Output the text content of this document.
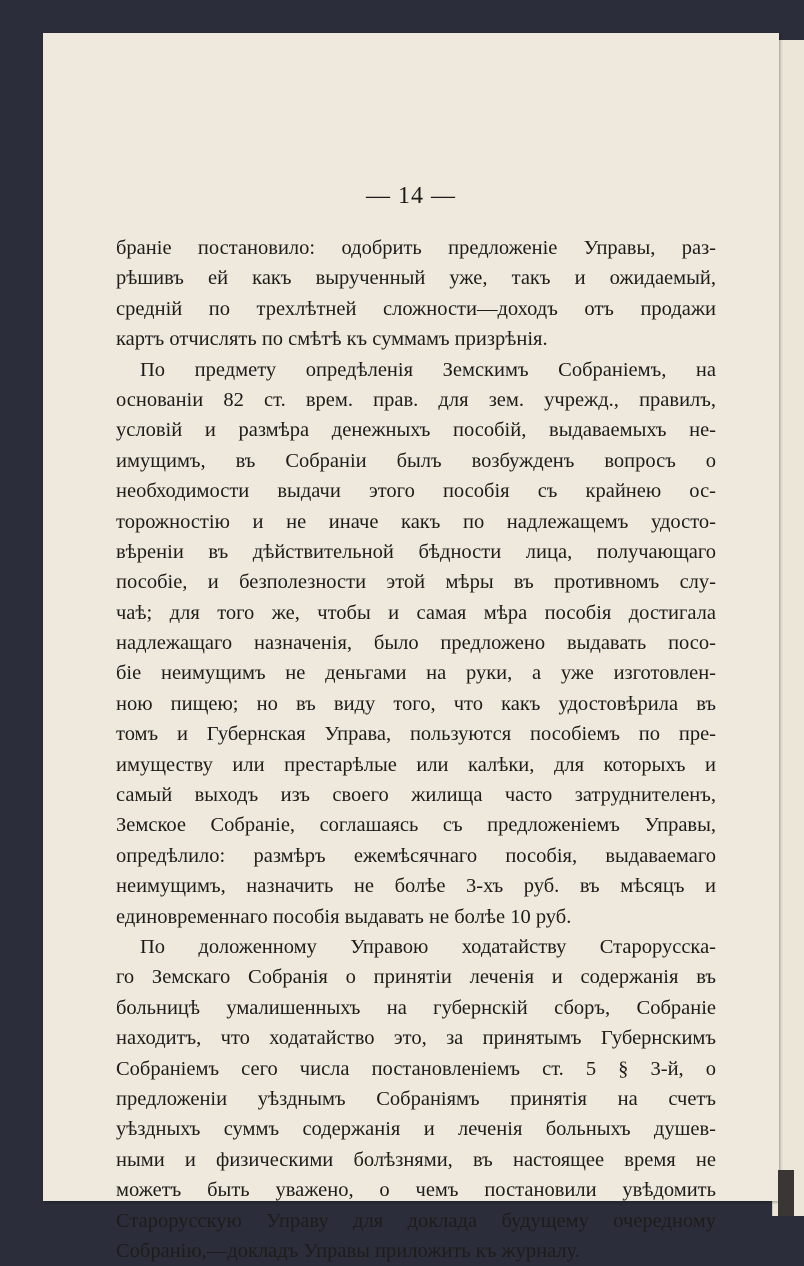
— 14 —
браніе постановило: одобрить предложеніе Управы, раз-
рѣшивъ ей какъ вырученный уже, такъ и ожидаемый,
средній по трехлѣтней сложности—доходъ отъ продажи
картъ отчислять по смѣтѣ къ суммамъ призрѣнія.
По предмету опредѣленія Земскимъ Собраніемъ, на
основаніи 82 ст. врем. прав. для зем. учрежд., правилъ,
условій и размѣра денежныхъ пособій, выдаваемыхъ не-
имущимъ, въ Собраніи былъ возбужденъ вопросъ о
необходимости выдачи этого пособія съ крайнею ос-
торожностію и не иначе какъ по надлежащемъ удосто-
вѣреніи въ дѣйствительной бѣдности лица, получающаго
пособіе, и безполезности этой мѣры въ противномъ слу-
чаѣ; для того же, чтобы и самая мѣра пособія достигала
надлежащаго назначенія, было предложено выдавать посо-
біе неимущимъ не деньгами на руки, а уже изготовлен-
ною пищею; но въ виду того, что какъ удостовѣрила въ
томъ и Губернская Управа, пользуются пособіемъ по пре-
имуществу или престарѣлые или калѣки, для которыхъ и
самый выходъ изъ своего жилища часто затруднителенъ,
Земское Собраніе, соглашаясь съ предложеніемъ Управы,
опредѣлило: размѣръ ежемѣсячнаго пособія, выдаваемаго
неимущимъ, назначить не болѣе 3-хъ руб. въ мѣсяцъ и
единовременнаго пособія выдавать не болѣе 10 руб.
По доложенному Управою ходатайству Старорусска-
го Земскаго Собранія о принятіи леченія и содержанія въ
больницѣ умалишенныхъ на губернскій сборъ, Собраніе
находитъ, что ходатайство это, за принятымъ Губернскимъ
Собраніемъ сего числа постановленіемъ ст. 5 § 3-й, о
предложеніи уѣзднымъ Собраніямъ принятія на счетъ
уѣздныхъ суммъ содержанія и леченія больныхъ душев-
ными и физическими болѣзнями, въ настоящее время не
можетъ быть уважено, о чемъ постановили увѣдомить
Старорусскую Управу для доклада будущему очередному
Собранію,—докладъ Управы приложить къ журналу.
